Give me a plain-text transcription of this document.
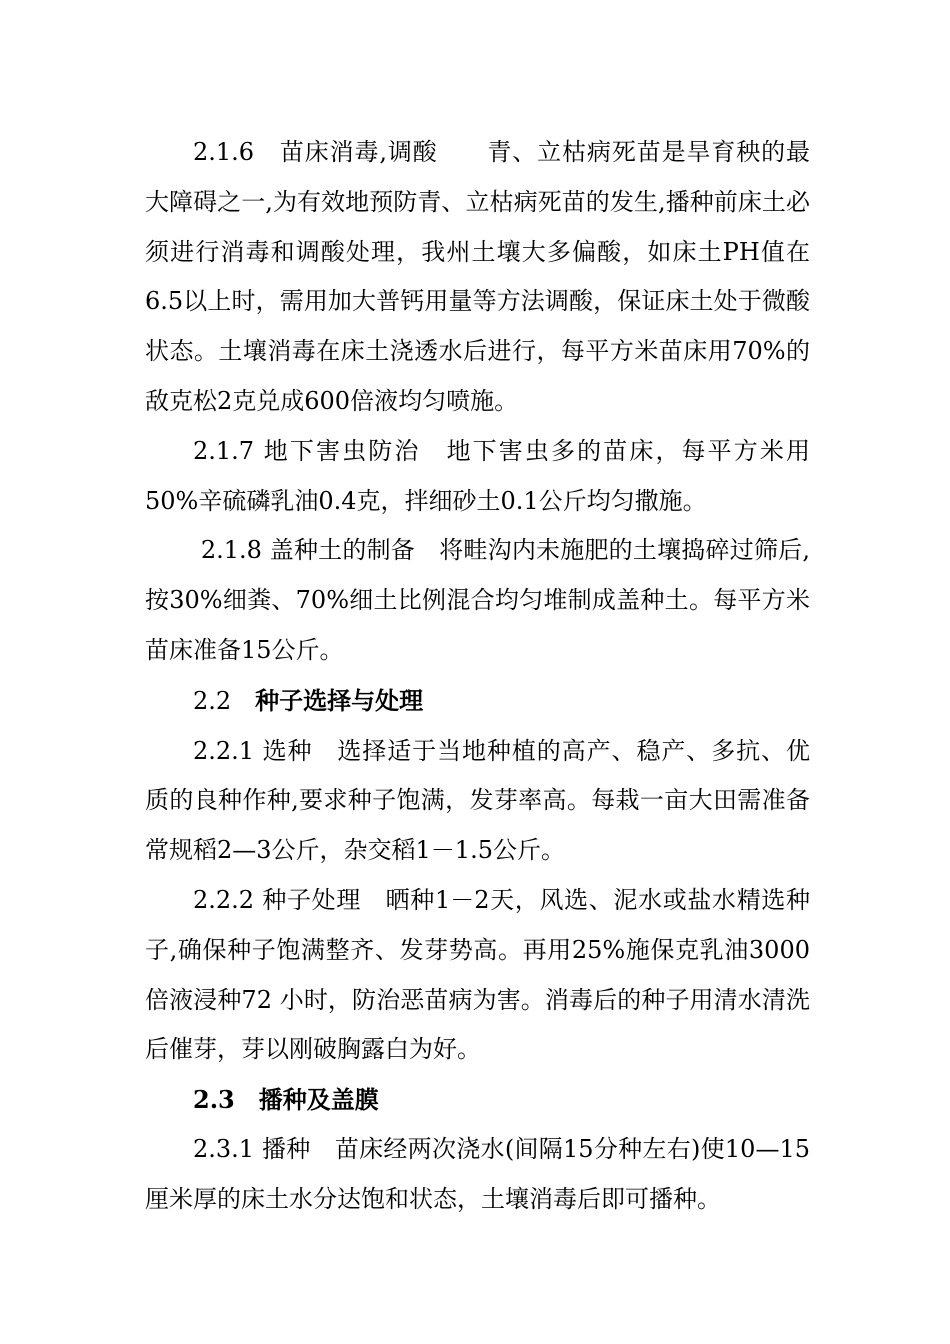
2.1.6　苗床消毒,调酸　　青、立枯病死苗是旱育秧的最大障碍之一,为有效地预防青、立枯病死苗的发生,播种前床土必须进行消毒和调酸处理，我州土壤大多偏酸，如床土PH值在6.5以上时，需用加大普钙用量等方法调酸，保证床土处于微酸状态。土壤消毒在床土浇透水后进行，每平方米苗床用70%的敌克松2克兑成600倍液均匀喷施。

2.1.7 地下害虫防治　地下害虫多的苗床，每平方米用50%辛硫磷乳油0.4克，拌细砂土0.1公斤均匀撒施。

2.1.8 盖种土的制备　将畦沟内未施肥的土壤捣碎过筛后,按30%细粪、70%细土比例混合均匀堆制成盖种土。每平方米苗床准备15公斤。

2.2　种子选择与处理

2.2.1 选种　选择适于当地种植的高产、稳产、多抗、优质的良种作种,要求种子饱满，发芽率高。每栽一亩大田需准备常规稻2—3公斤，杂交稻1－1.5公斤。

2.2.2 种子处理　晒种1－2天，风选、泥水或盐水精选种子,确保种子饱满整齐、发芽势高。再用25%施保克乳油3000倍液浸种72 小时，防治恶苗病为害。消毒后的种子用清水清洗后催芽，芽以刚破胸露白为好。

2.3　播种及盖膜

2.3.1 播种　苗床经两次浇水(间隔15分种左右)使10—15厘米厚的床土水分达饱和状态，土壤消毒后即可播种。
